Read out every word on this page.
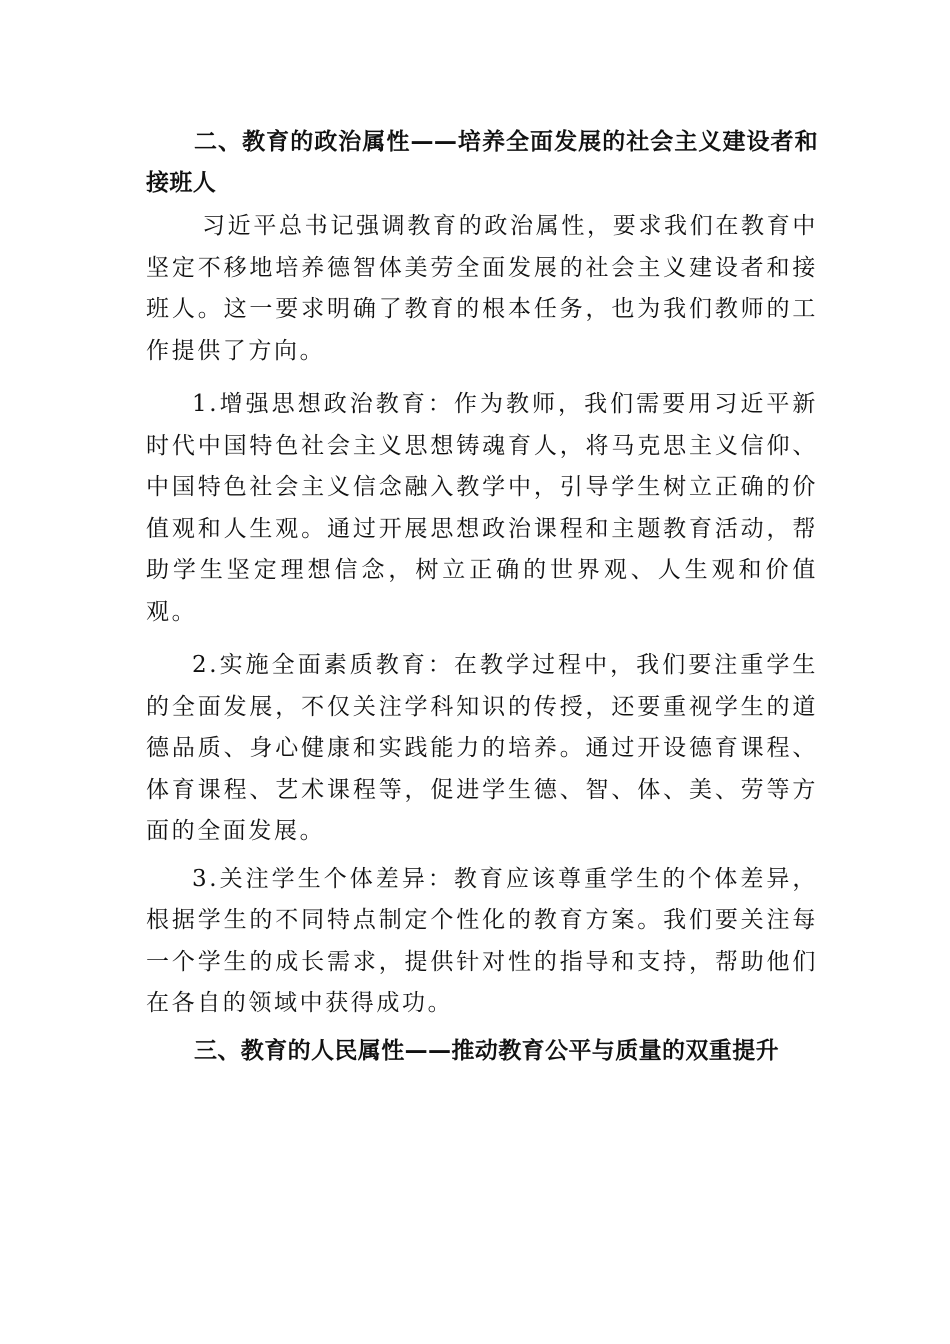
二、教育的政治属性——培养全面发展的社会主义建设者和接班人

习近平总书记强调教育的政治属性，要求我们在教育中坚定不移地培养德智体美劳全面发展的社会主义建设者和接班人。这一要求明确了教育的根本任务，也为我们教师的工作提供了方向。

1.增强思想政治教育：作为教师，我们需要用习近平新时代中国特色社会主义思想铸魂育人，将马克思主义信仰、中国特色社会主义信念融入教学中，引导学生树立正确的价值观和人生观。通过开展思想政治课程和主题教育活动，帮助学生坚定理想信念，树立正确的世界观、人生观和价值观。

2.实施全面素质教育：在教学过程中，我们要注重学生的全面发展，不仅关注学科知识的传授，还要重视学生的道德品质、身心健康和实践能力的培养。通过开设德育课程、体育课程、艺术课程等，促进学生德、智、体、美、劳等方面的全面发展。

3.关注学生个体差异：教育应该尊重学生的个体差异，根据学生的不同特点制定个性化的教育方案。我们要关注每一个学生的成长需求，提供针对性的指导和支持，帮助他们在各自的领域中获得成功。

三、教育的人民属性——推动教育公平与质量的双重提升
